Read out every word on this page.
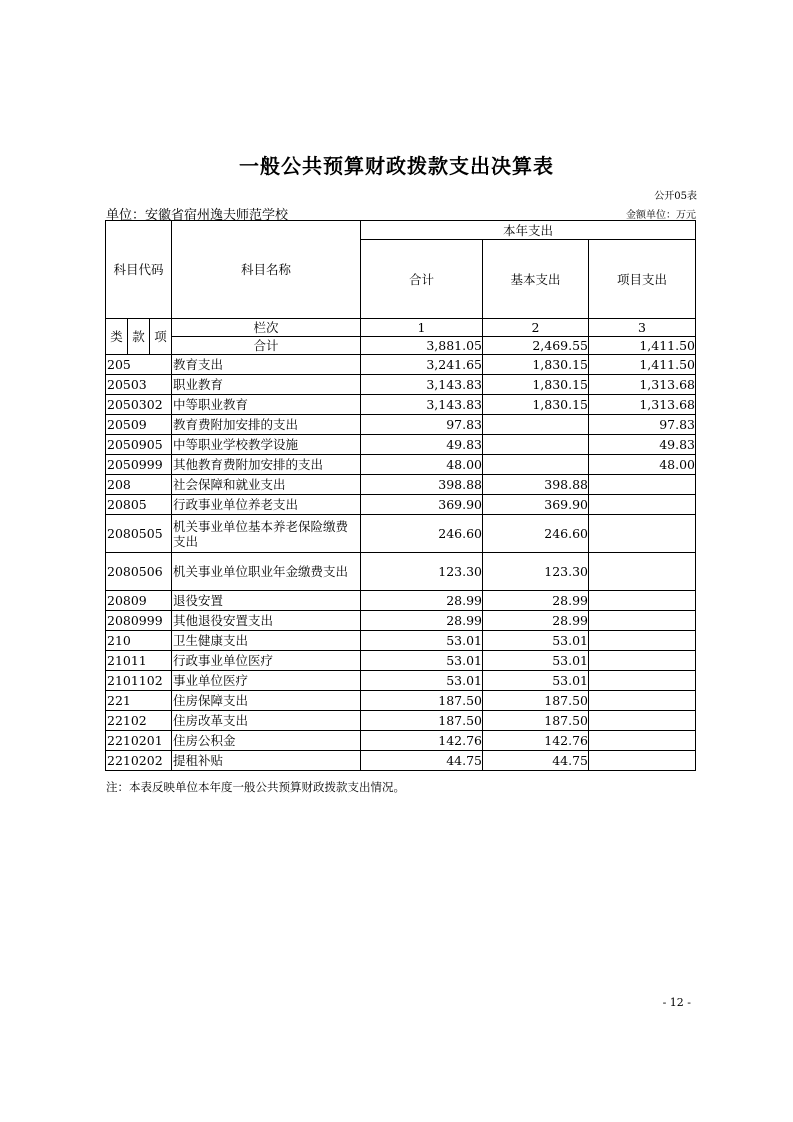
一般公共预算财政拨款支出决算表
公开05表
单位：安徽省宿州逸夫师范学校	金额单位：万元
科目代码			科目名称	本年支出		
				合计	基本支出	项目支出
类	款	项	栏次	1	2	3
			合计	3,881.05	2,469.55	1,411.50
205			教育支出	3,241.65	1,830.15	1,411.50
20503			职业教育	3,143.83	1,830.15	1,313.68
2050302			中等职业教育	3,143.83	1,830.15	1,313.68
20509			教育费附加安排的支出	97.83		97.83
2050905			中等职业学校教学设施	49.83		49.83
2050999			其他教育费附加安排的支出	48.00		48.00
208			社会保障和就业支出	398.88	398.88	
20805			行政事业单位养老支出	369.90	369.90	
2080505			机关事业单位基本养老保险缴费支出	246.60	246.60	
2080506			机关事业单位职业年金缴费支出	123.30	123.30	
20809			退役安置	28.99	28.99	
2080999			其他退役安置支出	28.99	28.99	
210			卫生健康支出	53.01	53.01	
21011			行政事业单位医疗	53.01	53.01	
2101102			事业单位医疗	53.01	53.01	
221			住房保障支出	187.50	187.50	
22102			住房改革支出	187.50	187.50	
2210201			住房公积金	142.76	142.76	
2210202			提租补贴	44.75	44.75	
注：本表反映单位本年度一般公共预算财政拨款支出情况。
- 12 -
